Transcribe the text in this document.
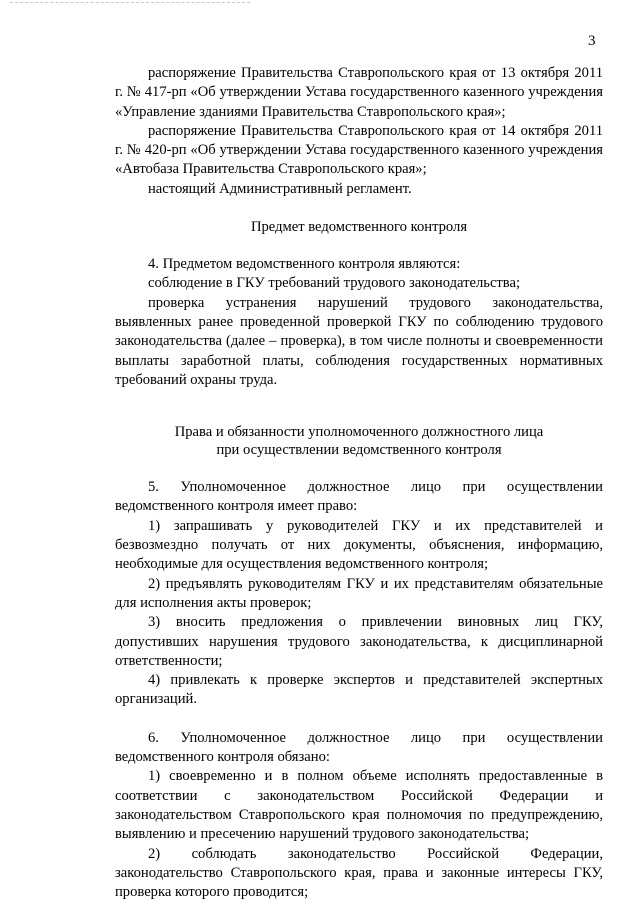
3

распоряжение Правительства Ставропольского края от 13 октября 2011 г. № 417-рп «Об утверждении Устава государственного казенного учреждения «Управление зданиями Правительства Ставропольского края»;

распоряжение Правительства Ставропольского края от 14 октября 2011 г. № 420-рп «Об утверждении Устава государственного казенного учреждения «Автобаза Правительства Ставропольского края»;

настоящий Административный регламент.

Предмет ведомственного контроля

4. Предметом ведомственного контроля являются:

соблюдение в ГКУ требований трудового законодательства;

проверка устранения нарушений трудового законодательства, выявленных ранее проведенной проверкой ГКУ по соблюдению трудового законодательства (далее – проверка), в том числе полноты и своевременности выплаты заработной платы, соблюдения государственных нормативных требований охраны труда.

Права и обязанности уполномоченного должностного лица

при осуществлении ведомственного контроля

5. Уполномоченное должностное лицо при осуществлении ведомственного контроля имеет право:

1) запрашивать у руководителей ГКУ и их представителей и безвозмездно получать от них документы, объяснения, информацию, необходимые для осуществления ведомственного контроля;

2) предъявлять руководителям ГКУ и их представителям обязательные для исполнения акты проверок;

3) вносить предложения о привлечении виновных лиц ГКУ, допустивших нарушения трудового законодательства, к дисциплинарной ответственности;

4) привлекать к проверке экспертов и представителей экспертных организаций.

6. Уполномоченное должностное лицо при осуществлении ведомственного контроля обязано:

1) своевременно и в полном объеме исполнять предоставленные в соответствии с законодательством Российской Федерации и законодательством Ставропольского края полномочия по предупреждению, выявлению и пресечению нарушений трудового законодательства;

2) соблюдать законодательство Российской Федерации, законодательство Ставропольского края, права и законные интересы ГКУ, проверка которого проводится;
